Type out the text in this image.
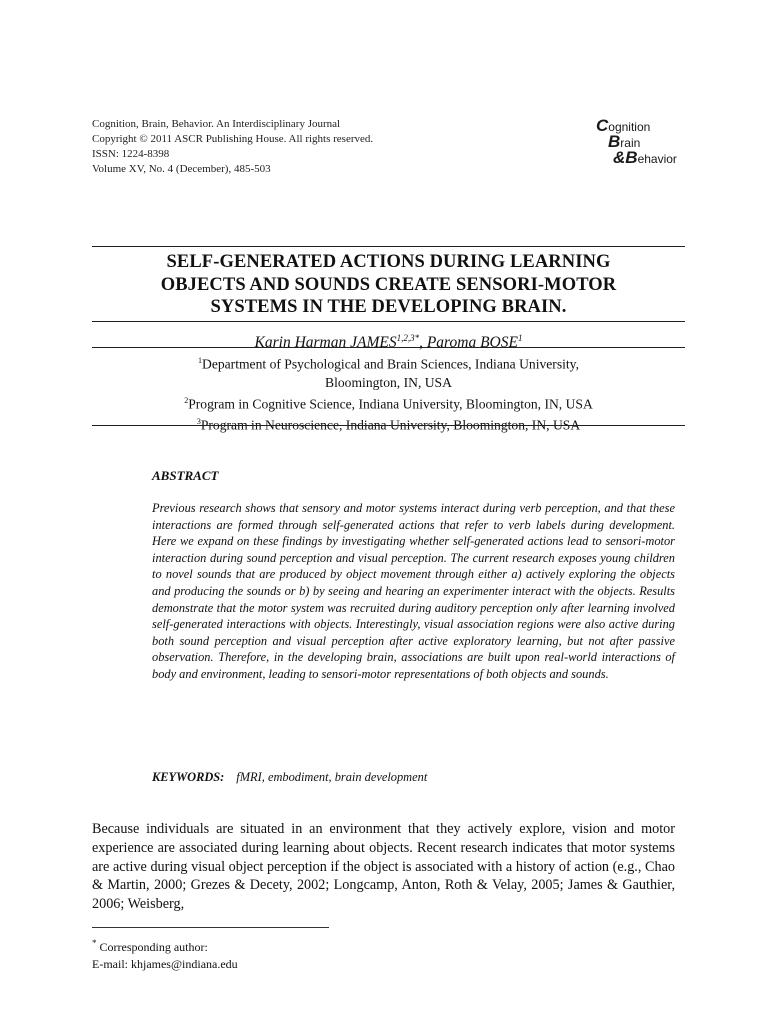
Cognition, Brain, Behavior. An Interdisciplinary Journal
Copyright © 2011 ASCR Publishing House. All rights reserved.
ISSN: 1224-8398
Volume XV, No. 4 (December), 485-503
Cognition
Brain
&Behavior
SELF-GENERATED ACTIONS DURING LEARNING
OBJECTS AND SOUNDS CREATE SENSORI-MOTOR
SYSTEMS IN THE DEVELOPING BRAIN.
Karin Harman $JAMES^{1,2,3*}$, Paroma BOSE$^1$
$^1$Department of Psychological and Brain Sciences, Indiana University,
Bloomington, IN, USA
$^2$Program in Cognitive Science, Indiana University, Bloomington, IN, USA
$^3$Program in Neuroscience, Indiana University, Bloomington, IN, USA
ABSTRACT
Previous research shows that sensory and motor systems interact during verb perception, and that these interactions are formed through self-generated actions that refer to verb labels during development. Here we expand on these findings by investigating whether self-generated actions lead to sensori-motor interaction during sound perception and visual perception. The current research exposes young children to novel sounds that are produced by object movement through either a) actively exploring the objects and producing the sounds or b) by seeing and hearing an experimenter interact with the objects. Results demonstrate that the motor system was recruited during auditory perception only after learning involved self-generated interactions with objects. Interestingly, visual association regions were also active during both sound perception and visual perception after active exploratory learning, but not after passive observation. Therefore, in the developing brain, associations are built upon real-world interactions of body and environment, leading to sensori-motor representations of both objects and sounds.
KEYWORDS: fMRI, embodiment, brain development
Because individuals are situated in an environment that they actively explore, vision and motor experience are associated during learning about objects. Recent research indicates that motor systems are active during visual object perception if the object is associated with a history of action (e.g., Chao & Martin, 2000; Grezes & Decety, 2002; Longcamp, Anton, Roth & Velay, 2005; James & Gauthier, 2006; Weisberg,
* Corresponding author:
E-mail: khjames@indiana.edu
